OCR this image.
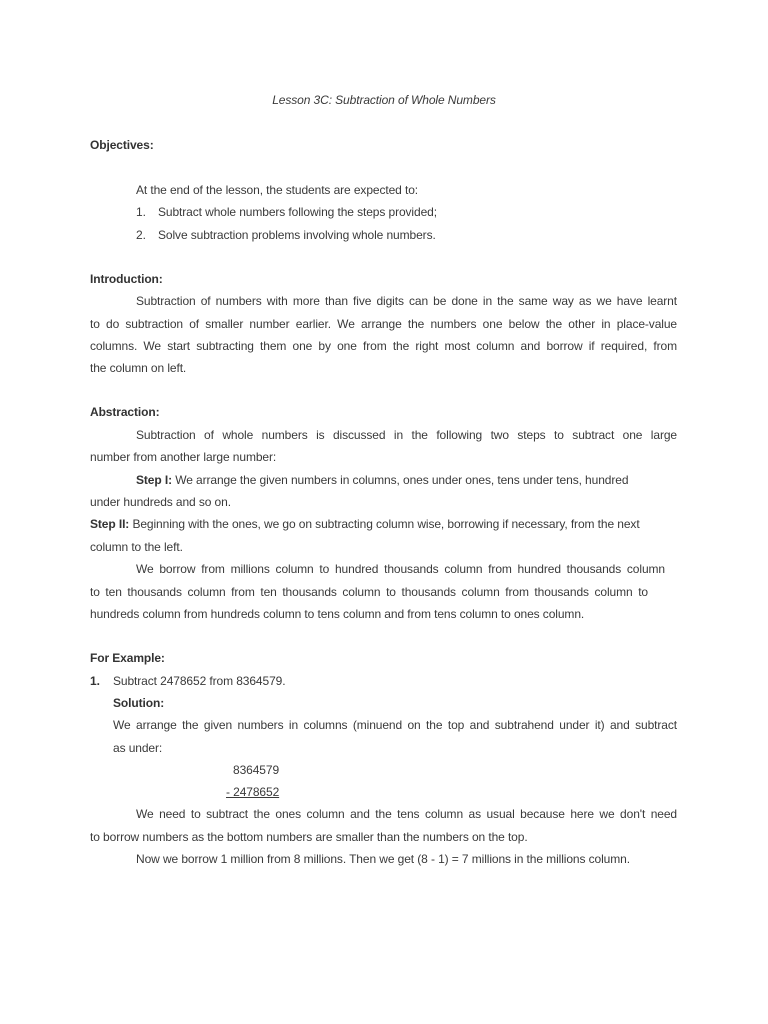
Lesson 3C: Subtraction of Whole Numbers
Objectives:
At the end of the lesson, the students are expected to:
1. Subtract whole numbers following the steps provided;
2. Solve subtraction problems involving whole numbers.
Introduction:
Subtraction of numbers with more than five digits can be done in the same way as we have learnt
to do subtraction of smaller number earlier. We arrange the numbers one below the other in place-value
columns. We start subtracting them one by one from the right most column and borrow if required, from
the column on left.
Abstraction:
Subtraction of whole numbers is discussed in the following two steps to subtract one large
number from another large number:
Step I: We arrange the given numbers in columns, ones under ones, tens under tens, hundred
under hundreds and so on.
Step II: Beginning with the ones, we go on subtracting column wise, borrowing if necessary, from the next
column to the left.
We borrow from millions column to hundred thousands column from hundred thousands column
to ten thousands column from ten thousands column to thousands column from thousands column to
hundreds column from hundreds column to tens column and from tens column to ones column.
For Example:
1. Subtract 2478652 from 8364579.
Solution:
We arrange the given numbers in columns (minuend on the top and subtrahend under it) and subtract
as under:
8364579
- 2478652
We need to subtract the ones column and the tens column as usual because here we don't need
to borrow numbers as the bottom numbers are smaller than the numbers on the top.
Now we borrow 1 million from 8 millions. Then we get (8 - 1) = 7 millions in the millions column.
